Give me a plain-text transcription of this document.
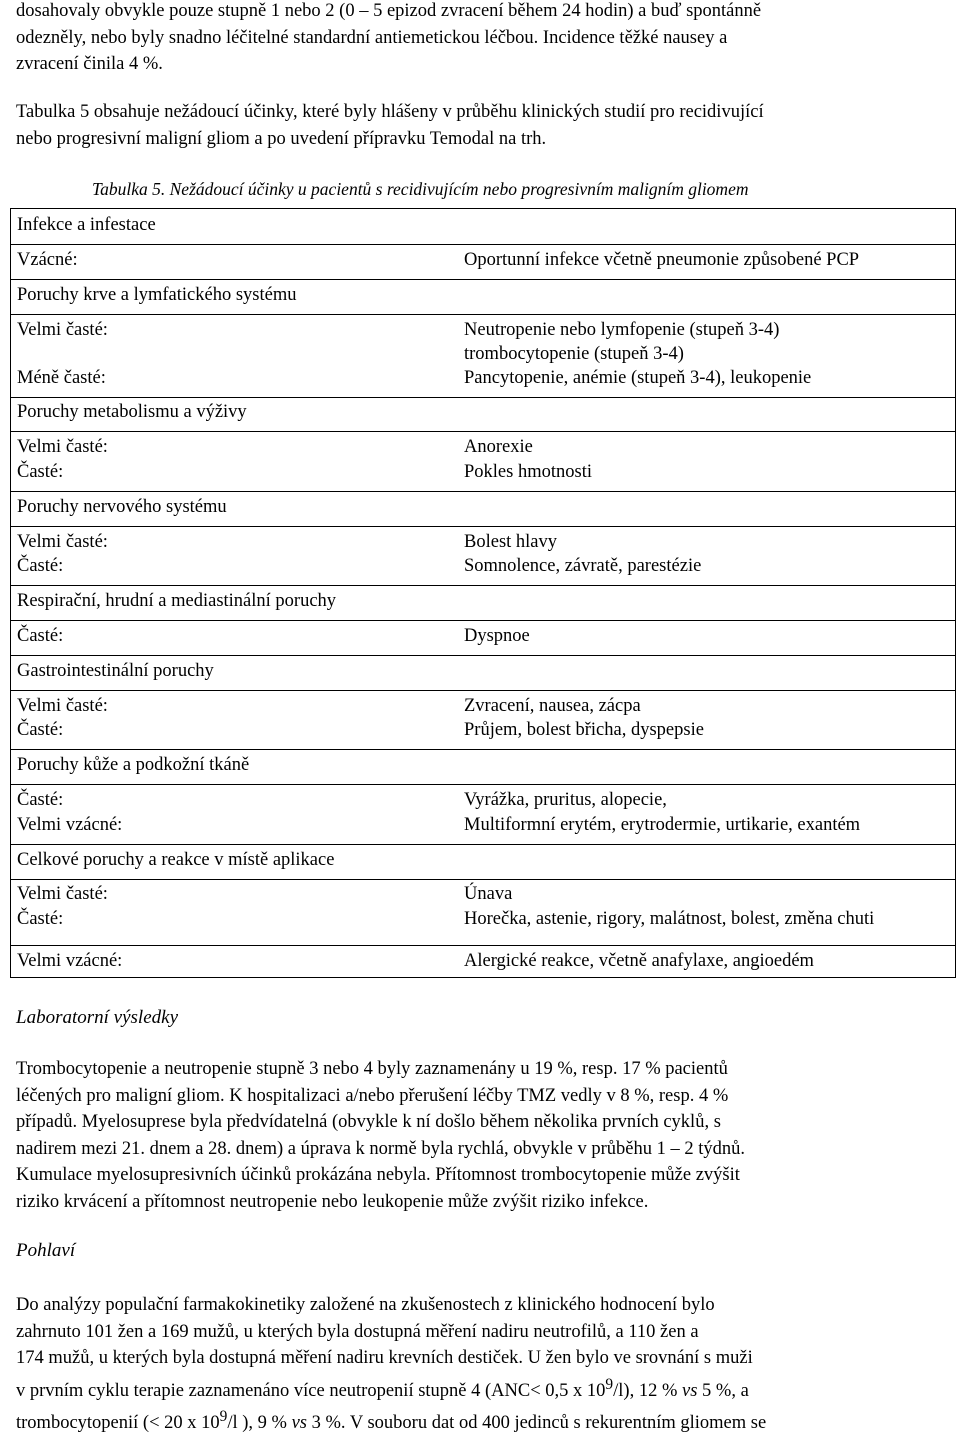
dosahovaly obvykle pouze stupně 1 nebo 2 (0 – 5 epizod zvracení během 24 hodin) a buď spontánně
odezněly, nebo byly snadno léčitelné standardní antiemetickou léčbou. Incidence těžké nausey a
zvracení činila 4 %.
Tabulka 5 obsahuje nežádoucí účinky, které byly hlášeny v průběhu klinických studií pro recidivující
nebo progresivní maligní gliom a po uvedení přípravku Temodal na trh.
Tabulka 5. Nežádoucí účinky u pacientů s recidivujícím nebo progresivním maligním gliomem
Infekce a infestace
Vzácné:	Oportunní infekce včetně pneumonie způsobené PCP
Poruchy krve a lymfatického systému
Velmi časté:	Neutropenie nebo lymfopenie (stupeň 3-4)
trombocytopenie (stupeň 3-4)
Méně časté:	Pancytopenie, anémie (stupeň 3-4), leukopenie
Poruchy metabolismu a výživy
Velmi časté:	Anorexie
Časté:	Pokles hmotnosti
Poruchy nervového systému
Velmi časté:	Bolest hlavy
Časté:	Somnolence, závratě, parestézie
Respirační, hrudní a mediastinální poruchy
Časté:	Dyspnoe
Gastrointestinální poruchy
Velmi časté:	Zvracení, nausea, zácpa
Časté:	Průjem, bolest břicha, dyspepsie
Poruchy kůže a podkožní tkáně
Časté:	Vyrážka, pruritus, alopecie,
Velmi vzácné:	Multiformní erytém, erytrodermie, urtikarie, exantém
Celkové poruchy a reakce v místě aplikace
Velmi časté:	Únava
Časté:	Horečka, astenie, rigory, malátnost, bolest, změna chuti
Velmi vzácné:	Alergické reakce, včetně anafylaxe, angioedém
Laboratorní výsledky
Trombocytopenie a neutropenie stupně 3 nebo 4 byly zaznamenány u 19 %, resp. 17 % pacientů
léčených pro maligní gliom. K hospitalizaci a/nebo přerušení léčby TMZ vedly v 8 %, resp. 4 %
případů. Myelosuprese byla předvídatelná (obvykle k ní došlo během několika prvních cyklů, s
nadirem mezi 21. dnem a 28. dnem) a úprava k normě byla rychlá, obvykle v průběhu 1 – 2 týdnů.
Kumulace myelosupresivních účinků prokázána nebyla. Přítomnost trombocytopenie může zvýšit
riziko krvácení a přítomnost neutropenie nebo leukopenie může zvýšit riziko infekce.
Pohlaví
Do analýzy populační farmakokinetiky založené na zkušenostech z klinického hodnocení bylo
zahrnuto 101 žen a 169 mužů, u kterých byla dostupná měření nadiru neutrofilů, a 110 žen a
174 mužů, u kterých byla dostupná měření nadiru krevních destiček. U žen bylo ve srovnání s muži
v prvním cyklu terapie zaznamenáno více neutropenií stupně 4 (ANC< 0,5 x $10^9/l$), 12 % vs 5 %, a
trombocytopenií (< 20 x $10^9/l$ ), 9 % vs 3 %. V souboru dat od 400 jedinců s rekurentním gliomem se
